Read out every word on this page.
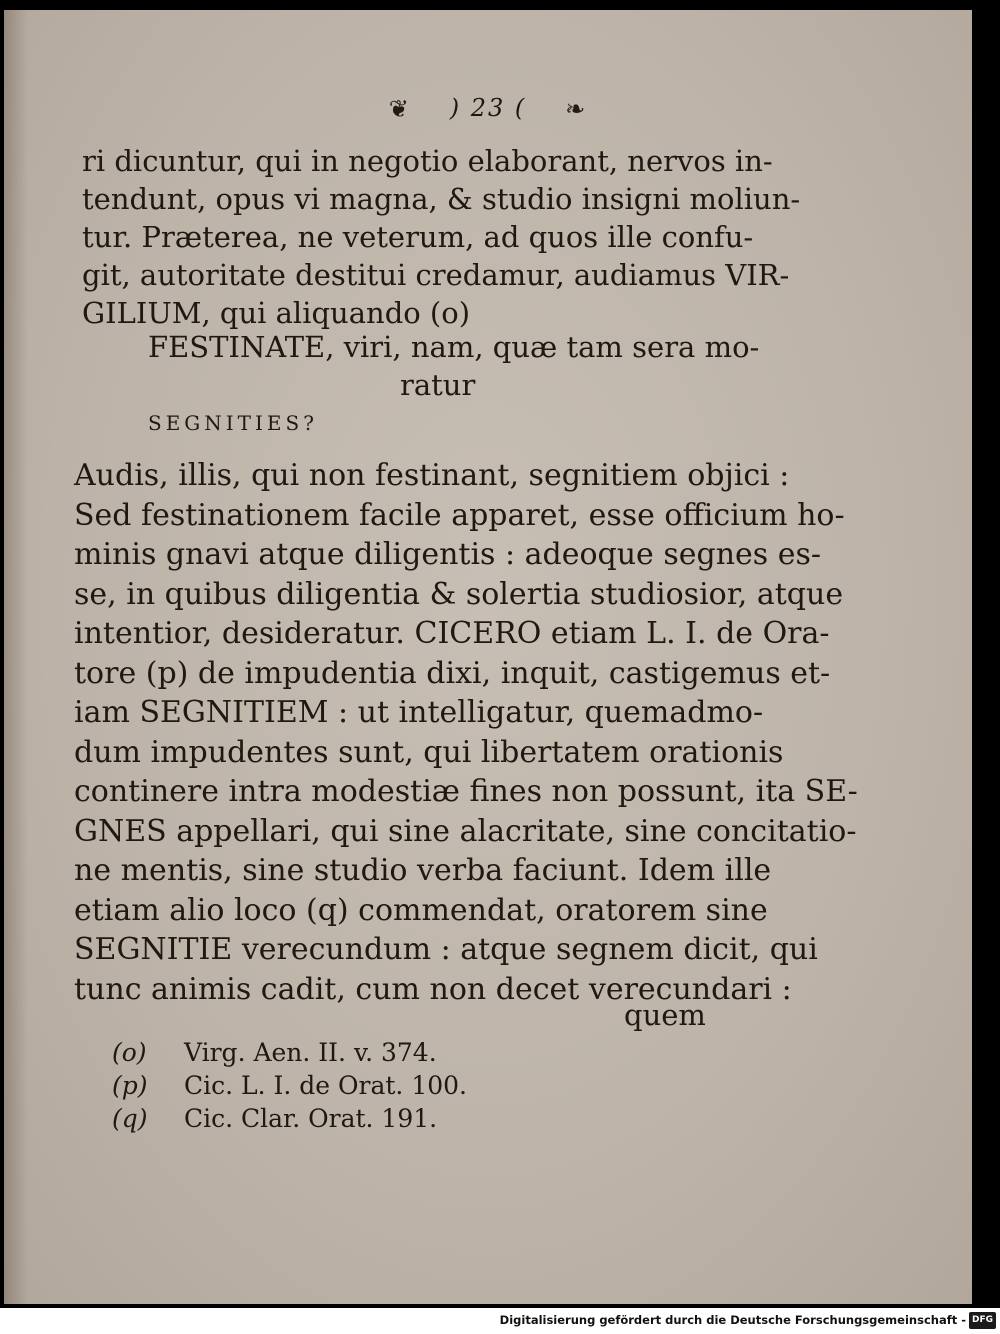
❦ ) 23 ( ❧
ri dicuntur, qui in negotio elaborant, nervos in-
tendunt, opus vi magna, & studio insigni moliun-
tur. Præterea, ne veterum, ad quos ille confu-
git, autoritate destitui credamur, audiamus VIR-
GILIUM, qui aliquando (o)
FESTINATE, viri, nam, quæ tam sera mo-
ratur
SEGNITIES?
Audis, illis, qui non festinant, segnitiem objici :
Sed festinationem facile apparet, esse officium ho-
minis gnavi atque diligentis : adeoque segnes es-
se, in quibus diligentia & solertia studiosior, atque
intentior, desideratur. CICERO etiam L. I. de Ora-
tore (p) de impudentia dixi, inquit, castigemus et-
iam SEGNITIEM : ut intelligatur, quemadmo-
dum impudentes sunt, qui libertatem orationis
continere intra modestiæ fines non possunt, ita SE-
GNES appellari, qui sine alacritate, sine concitatio-
ne mentis, sine studio verba faciunt. Idem ille
etiam alio loco (q) commendat, oratorem sine
SEGNITIE verecundum : atque segnem dicit, qui
tunc animis cadit, cum non decet verecundari :
quem
(o) Virg. Aen. II. v. 374.
(p) Cic. L. I. de Orat. 100.
(q) Cic. Clar. Orat. 191.
Digitalisierung gefördert durch die Deutsche Forschungsgemeinschaft - DFG
